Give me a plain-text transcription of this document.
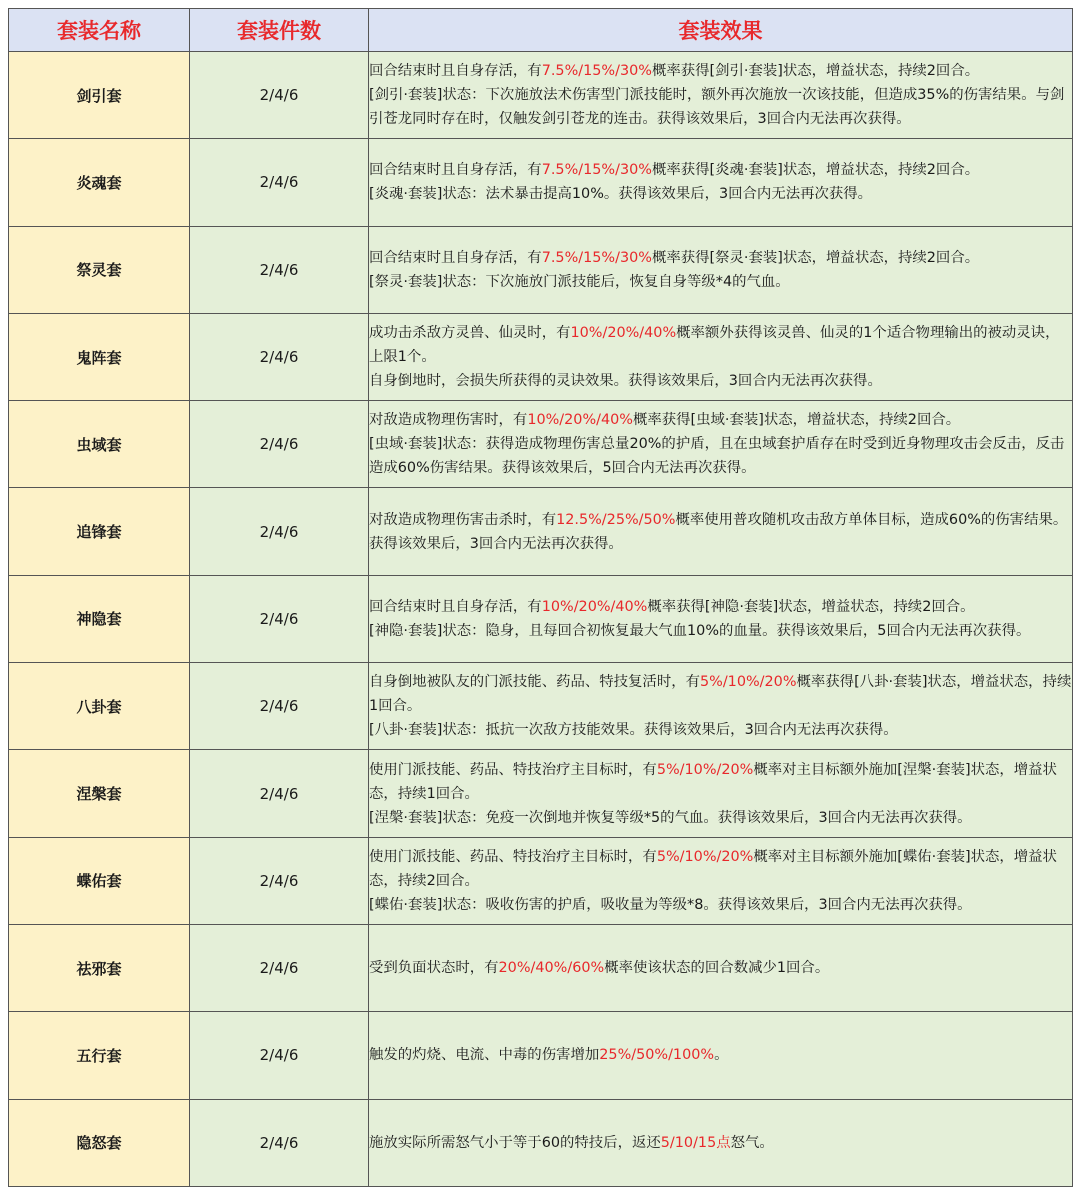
套装名称	套装件数	套装效果
剑引套	2/4/6	回合结束时且自身存活，有7.5%/15%/30%概率获得[剑引·套装]状态，增益状态，持续2回合。
[剑引·套装]状态：下次施放法术伤害型门派技能时，额外再次施放一次该技能，但造成35%的伤害结果。与剑引苍龙同时存在时，仅触发剑引苍龙的连击。获得该效果后，3回合内无法再次获得。

炎魂套	2/4/6	回合结束时且自身存活，有7.5%/15%/30%概率获得[炎魂·套装]状态，增益状态，持续2回合。
[炎魂·套装]状态：法术暴击提高10%。获得该效果后，3回合内无法再次获得。

祭灵套	2/4/6	回合结束时且自身存活，有7.5%/15%/30%概率获得[祭灵·套装]状态，增益状态，持续2回合。
[祭灵·套装]状态：下次施放门派技能后，恢复自身等级*4的气血。

鬼阵套	2/4/6	成功击杀敌方灵兽、仙灵时，有10%/20%/40%概率额外获得该灵兽、仙灵的1个适合物理输出的被动灵诀，上限1个。
自身倒地时，会损失所获得的灵诀效果。获得该效果后，3回合内无法再次获得。

虫域套	2/4/6	对敌造成物理伤害时，有10%/20%/40%概率获得[虫域·套装]状态，增益状态，持续2回合。
[虫域·套装]状态：获得造成物理伤害总量20%的护盾，且在虫域套护盾存在时受到近身物理攻击会反击，反击造成60%伤害结果。获得该效果后，5回合内无法再次获得。

追锋套	2/4/6	对敌造成物理伤害击杀时，有12.5%/25%/50%概率使用普攻随机攻击敌方单体目标，造成60%的伤害结果。获得该效果后，3回合内无法再次获得。

神隐套	2/4/6	回合结束时且自身存活，有10%/20%/40%概率获得[神隐·套装]状态，增益状态，持续2回合。
[神隐·套装]状态：隐身，且每回合初恢复最大气血10%的血量。获得该效果后，5回合内无法再次获得。

八卦套	2/4/6	自身倒地被队友的门派技能、药品、特技复活时，有5%/10%/20%概率获得[八卦·套装]状态，增益状态，持续1回合。
[八卦·套装]状态：抵抗一次敌方技能效果。获得该效果后，3回合内无法再次获得。

涅槃套	2/4/6	使用门派技能、药品、特技治疗主目标时，有5%/10%/20%概率对主目标额外施加[涅槃·套装]状态，增益状态，持续1回合。
[涅槃·套装]状态：免疫一次倒地并恢复等级*5的气血。获得该效果后，3回合内无法再次获得。

蝶佑套	2/4/6	使用门派技能、药品、特技治疗主目标时，有5%/10%/20%概率对主目标额外施加[蝶佑·套装]状态，增益状态，持续2回合。
[蝶佑·套装]状态：吸收伤害的护盾，吸收量为等级*8。获得该效果后，3回合内无法再次获得。

祛邪套	2/4/6	受到负面状态时，有20%/40%/60%概率使该状态的回合数减少1回合。

五行套	2/4/6	触发的灼烧、电流、中毒的伤害增加25%/50%/100%。

隐怒套	2/4/6	施放实际所需怒气小于等于60的特技后，返还5/10/15点怒气。
